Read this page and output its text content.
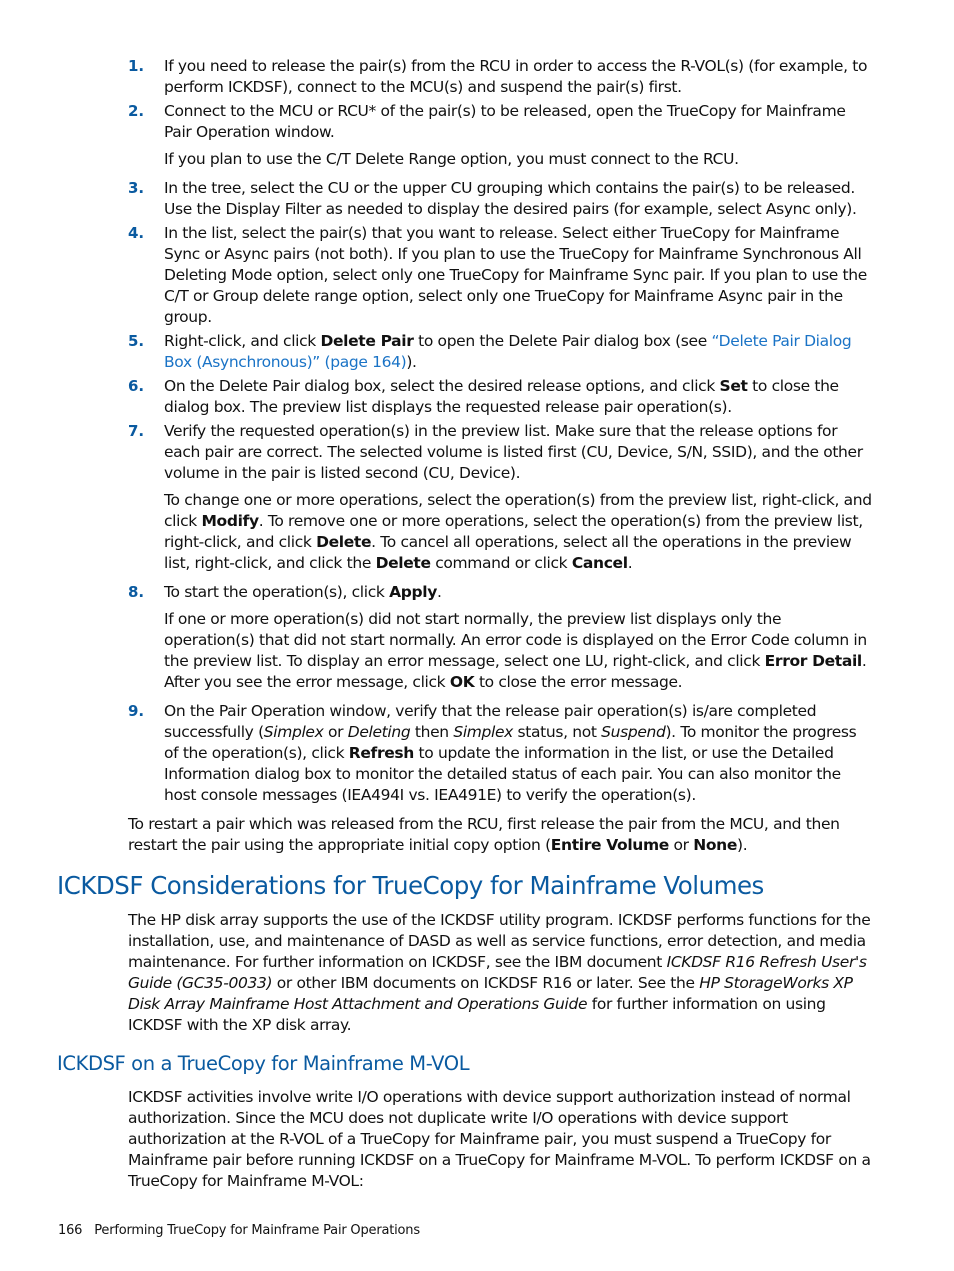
1. If you need to release the pair(s) from the RCU in order to access the R-VOL(s) (for example, to perform ICKDSF), connect to the MCU(s) and suspend the pair(s) first.

2. Connect to the MCU or RCU* of the pair(s) to be released, open the TrueCopy for Mainframe Pair Operation window.

If you plan to use the C/T Delete Range option, you must connect to the RCU.

3. In the tree, select the CU or the upper CU grouping which contains the pair(s) to be released. Use the Display Filter as needed to display the desired pairs (for example, select Async only).

4. In the list, select the pair(s) that you want to release. Select either TrueCopy for Mainframe Sync or Async pairs (not both). If you plan to use the TrueCopy for Mainframe Synchronous All Deleting Mode option, select only one TrueCopy for Mainframe Sync pair. If you plan to use the C/T or Group delete range option, select only one TrueCopy for Mainframe Async pair in the group.

5. Right-click, and click Delete Pair to open the Delete Pair dialog box (see “Delete Pair Dialog Box (Asynchronous)” (page 164)).

6. On the Delete Pair dialog box, select the desired release options, and click Set to close the dialog box. The preview list displays the requested release pair operation(s).

7. Verify the requested operation(s) in the preview list. Make sure that the release options for each pair are correct. The selected volume is listed first (CU, Device, S/N, SSID), and the other volume in the pair is listed second (CU, Device).

To change one or more operations, select the operation(s) from the preview list, right-click, and click Modify. To remove one or more operations, select the operation(s) from the preview list, right-click, and click Delete. To cancel all operations, select all the operations in the preview list, right-click, and click the Delete command or click Cancel.

8. To start the operation(s), click Apply.

If one or more operation(s) did not start normally, the preview list displays only the operation(s) that did not start normally. An error code is displayed on the Error Code column in the preview list. To display an error message, select one LU, right-click, and click Error Detail. After you see the error message, click OK to close the error message.

9. On the Pair Operation window, verify that the release pair operation(s) is/are completed successfully (Simplex or Deleting then Simplex status, not Suspend). To monitor the progress of the operation(s), click Refresh to update the information in the list, or use the Detailed Information dialog box to monitor the detailed status of each pair. You can also monitor the host console messages (IEA494I vs. IEA491E) to verify the operation(s).

To restart a pair which was released from the RCU, first release the pair from the MCU, and then restart the pair using the appropriate initial copy option (Entire Volume or None).

ICKDSF Considerations for TrueCopy for Mainframe Volumes

The HP disk array supports the use of the ICKDSF utility program. ICKDSF performs functions for the installation, use, and maintenance of DASD as well as service functions, error detection, and media maintenance. For further information on ICKDSF, see the IBM document ICKDSF R16 Refresh User's Guide (GC35-0033) or other IBM documents on ICKDSF R16 or later. See the HP StorageWorks XP Disk Array Mainframe Host Attachment and Operations Guide for further information on using ICKDSF with the XP disk array.

ICKDSF on a TrueCopy for Mainframe M-VOL

ICKDSF activities involve write I/O operations with device support authorization instead of normal authorization. Since the MCU does not duplicate write I/O operations with device support authorization at the R-VOL of a TrueCopy for Mainframe pair, you must suspend a TrueCopy for Mainframe pair before running ICKDSF on a TrueCopy for Mainframe M-VOL. To perform ICKDSF on a TrueCopy for Mainframe M-VOL:

166 Performing TrueCopy for Mainframe Pair Operations
